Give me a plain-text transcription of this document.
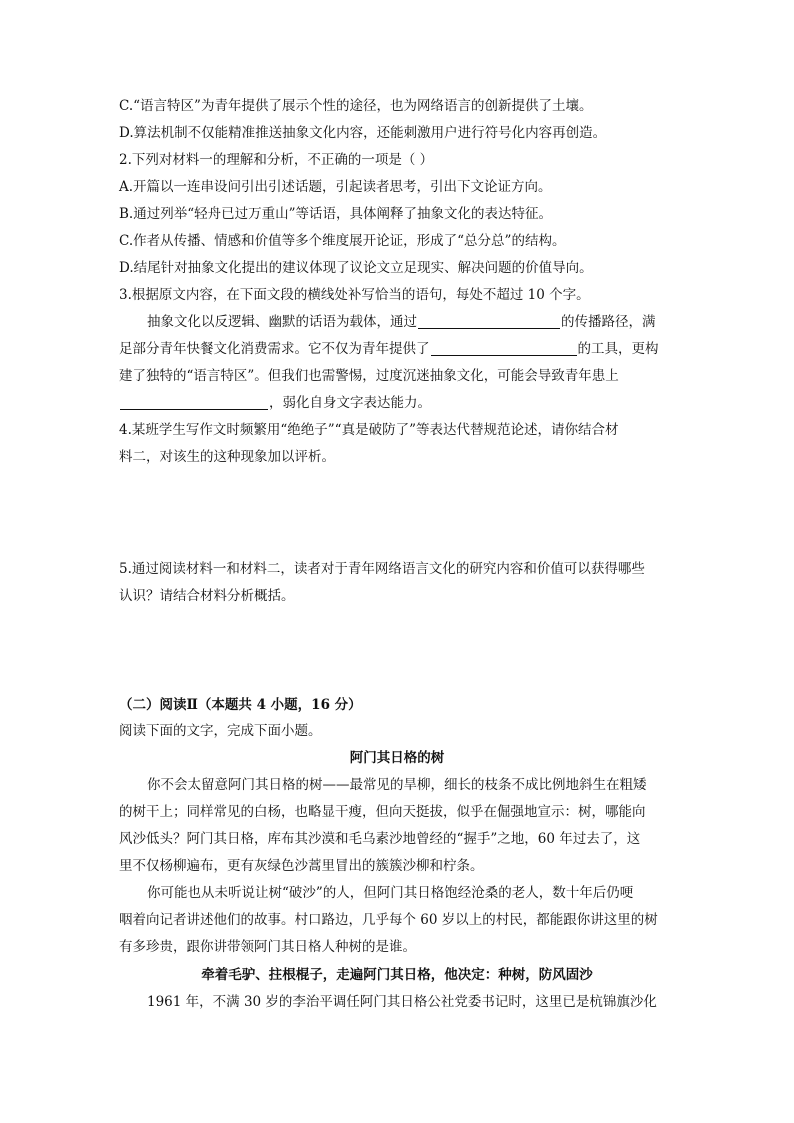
C.“语言特区”为青年提供了展示个性的途径，也为网络语言的创新提供了土壤。
D.算法机制不仅能精准推送抽象文化内容，还能刺激用户进行符号化内容再创造。
2.下列对材料一的理解和分析，不正确的一项是（ ）
A.开篇以一连串设问引出引述话题，引起读者思考，引出下文论证方向。
B.通过列举“轻舟已过万重山”等话语，具体阐释了抽象文化的表达特征。
C.作者从传播、情感和价值等多个维度展开论证，形成了“总分总”的结构。
D.结尾针对抽象文化提出的建议体现了议论文立足现实、解决问题的价值导向。
3.根据原文内容，在下面文段的横线处补写恰当的语句，每处不超过 10 个字。
抽象文化以反逻辑、幽默的话语为载体，通过	的传播路径，满
足部分青年快餐文化消费需求。它不仅为青年提供了	的工具，更构
建了独特的“语言特区”。但我们也需警惕，过度沉迷抽象文化，可能会导致青年患上
，弱化自身文字表达能力。
4.某班学生写作文时频繁用“绝绝子”“真是破防了”等表达代替规范论述，请你结合材
料二，对该生的这种现象加以评析。
5.通过阅读材料一和材料二，读者对于青年网络语言文化的研究内容和价值可以获得哪些
认识？请结合材料分析概括。
（二）阅读Ⅱ（本题共 4 小题，16 分）
阅读下面的文字，完成下面小题。
阿门其日格的树
你不会太留意阿门其日格的树——最常见的旱柳，细长的枝条不成比例地斜生在粗矮
的树干上；同样常见的白杨，也略显干瘦，但向天挺拔，似乎在倔强地宣示：树，哪能向
风沙低头？阿门其日格，库布其沙漠和毛乌素沙地曾经的“握手”之地，60 年过去了，这
里不仅杨柳遍布，更有灰绿色沙蒿里冒出的簇簇沙柳和柠条。
你可能也从未听说让树“破沙”的人，但阿门其日格饱经沧桑的老人，数十年后仍哽
咽着向记者讲述他们的故事。村口路边，几乎每个 60 岁以上的村民，都能跟你讲这里的树
有多珍贵，跟你讲带领阿门其日格人种树的是谁。
牵着毛驴、拄根棍子，走遍阿门其日格，他决定：种树，防风固沙
1961 年，不满 30 岁的李治平调任阿门其日格公社党委书记时，这里已是杭锦旗沙化
